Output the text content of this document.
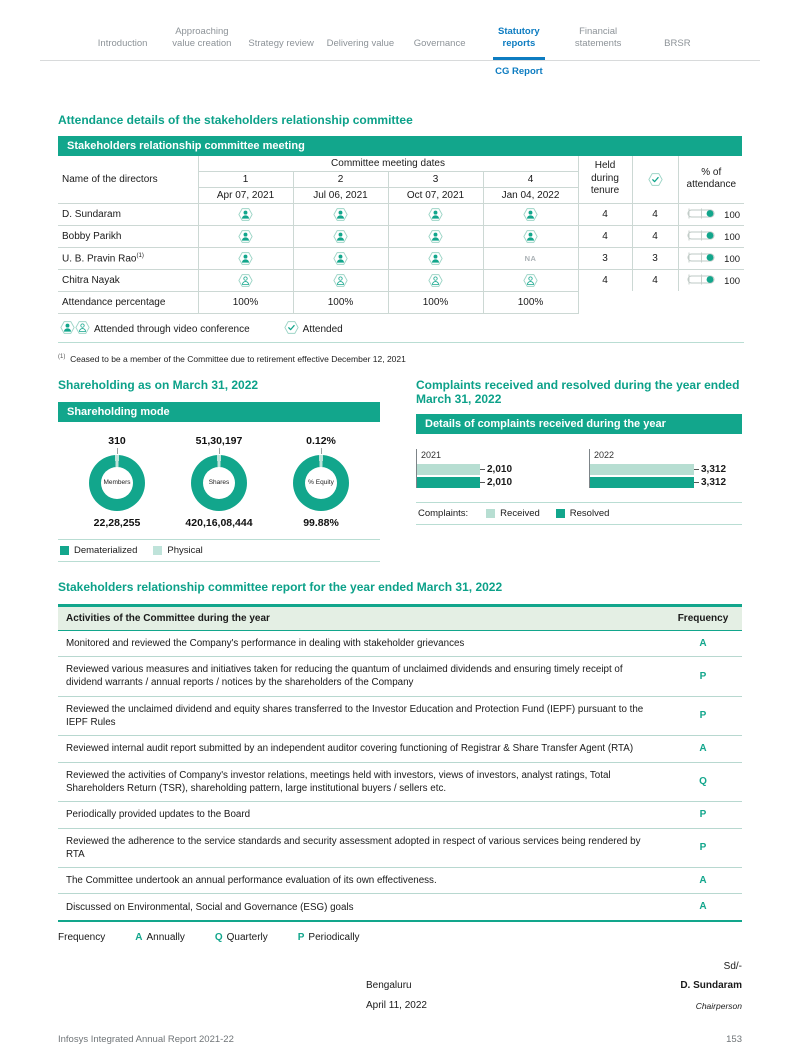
Introduction
Approaching value creation	Strategy review	Delivering value	Governance
Statutory reports
Financial statements	BRSR
CG Report
Attendance details of the stakeholders relationship committee
Stakeholders relationship committee meeting
Name of the directors	Committee meeting dates				Held during tenure		% of attendance
	1	2	3	4			
	Apr 07, 2021	Jul 06, 2021	Oct 07, 2021	Jan 04, 2022			
D. Sundaram					4	4	100
Bobby Parikh					4	4	100
U. B. Pravin Rao$^{(1)}$				NA	3	3	100
Chitra Nayak					4	4	100
Attendance percentage	100%	100%	100%	100%			
Attended through video conference Attended							

$^{(1)}$ Ceased to be a member of the Committee due to retirement effective December 12, 2021

Shareholding as on March 31, 2022
Shareholding mode
310
Members
22,28,255
51,30,197
Shares
420,16,08,444
0.12%
% Equity
99.88%
Dematerialized	Physical
Complaints received and resolved during the year ended March 31, 2022
Details of complaints received during the year
2021
2,010
2,010
2022
3,312
3,312
Complaints:	Received	Resolved
Stakeholders relationship committee report for the year ended March 31, 2022
Activities of the Committee during the year	Frequency
Monitored and reviewed the Company's performance in dealing with stakeholder grievances	A
Reviewed various measures and initiatives taken for reducing the quantum of unclaimed dividends and ensuring timely receipt of dividend warrants / annual reports / notices by the shareholders of the Company	P
Reviewed the unclaimed dividend and equity shares transferred to the Investor Education and Protection Fund (IEPF) pursuant to the IEPF Rules	P
Reviewed internal audit report submitted by an independent auditor covering functioning of Registrar & Share Transfer Agent (RTA)	A
Reviewed the activities of Company's investor relations, meetings held with investors, views of investors, analyst ratings, Total Shareholders Return (TSR), shareholding pattern, large institutional buyers / sellers etc.	Q
Periodically provided updates to the Board	P
Reviewed the adherence to the service standards and security assessment adopted in respect of various services being rendered by RTA	P
The Committee undertook an annual performance evaluation of its own effectiveness.	A
Discussed on Environmental, Social and Governance (ESG) goals	A
Frequency	A Annually	Q Quarterly	P Periodically
Sd/-
Bengaluru
April 11, 2022
D. Sundaram
Chairperson
Infosys Integrated Annual Report 2021-22	153
